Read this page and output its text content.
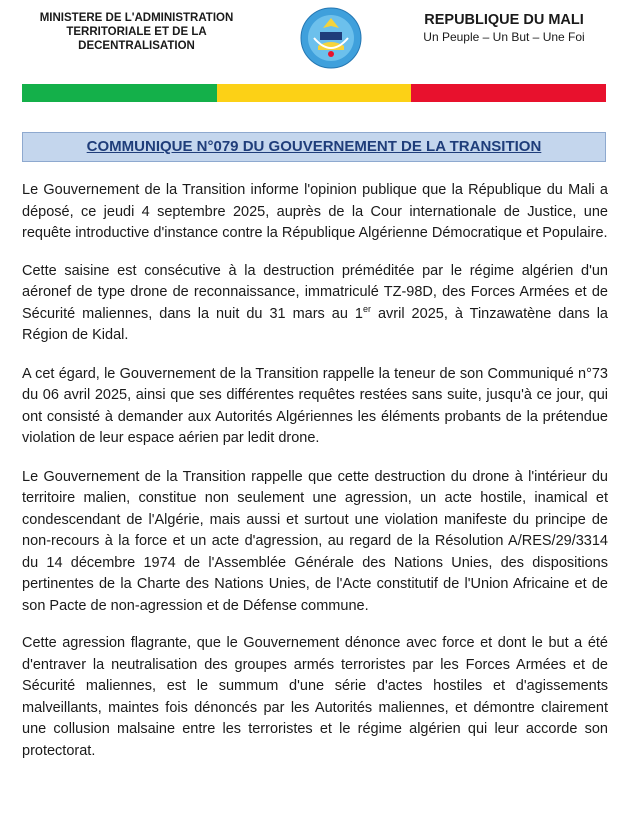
MINISTERE DE L'ADMINISTRATION TERRITORIALE ET DE LA DECENTRALISATION
REPUBLIQUE DU MALI
Un Peuple – Un But – Une Foi
COMMUNIQUE N°079 DU GOUVERNEMENT DE LA TRANSITION

Le Gouvernement de la Transition informe l'opinion publique que la République du Mali a déposé, ce jeudi 4 septembre 2025, auprès de la Cour internationale de Justice, une requête introductive d'instance contre la République Algérienne Démocratique et Populaire.

Cette saisine est consécutive à la destruction préméditée par le régime algérien d'un aéronef de type drone de reconnaissance, immatriculé TZ-98D, des Forces Armées et de Sécurité maliennes, dans la nuit du 31 mars au 1er avril 2025, à Tinzawatène dans la Région de Kidal.

A cet égard, le Gouvernement de la Transition rappelle la teneur de son Communiqué n°73 du 06 avril 2025, ainsi que ses différentes requêtes restées sans suite, jusqu'à ce jour, qui ont consisté à demander aux Autorités Algériennes les éléments probants de la prétendue violation de leur espace aérien par ledit drone.

Le Gouvernement de la Transition rappelle que cette destruction du drone à l'intérieur du territoire malien, constitue non seulement une agression, un acte hostile, inamical et condescendant de l'Algérie, mais aussi et surtout une violation manifeste du principe de non-recours à la force et un acte d'agression, au regard de la Résolution A/RES/29/3314 du 14 décembre 1974 de l'Assemblée Générale des Nations Unies, des dispositions pertinentes de la Charte des Nations Unies, de l'Acte constitutif de l'Union Africaine et de son Pacte de non-agression et de Défense commune.

Cette agression flagrante, que le Gouvernement dénonce avec force et dont le but a été d'entraver la neutralisation des groupes armés terroristes par les Forces Armées et de Sécurité maliennes, est le summum d'une série d'actes hostiles et d'agissements malveillants, maintes fois dénoncés par les Autorités maliennes, et démontre clairement une collusion malsaine entre les terroristes et le régime algérien qui leur accorde son protectorat.
